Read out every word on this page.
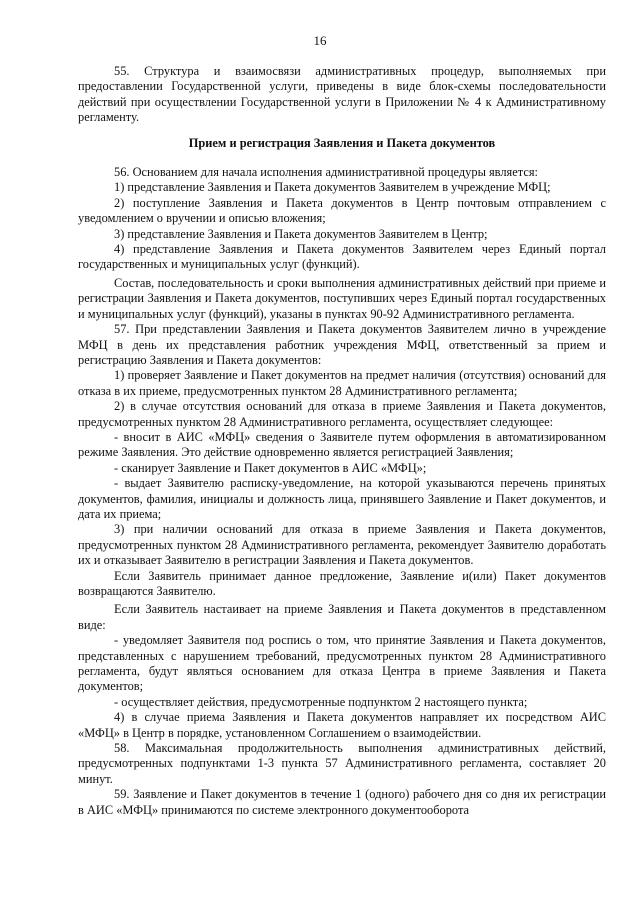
16

55. Структура и взаимосвязи административных процедур, выполняемых при предоставлении Государственной услуги, приведены в виде блок-схемы последовательности действий при осуществлении Государственной услуги в Приложении № 4 к Административному регламенту.

Прием и регистрация Заявления и Пакета документов

56. Основанием для начала исполнения административной процедуры является:

1) представление Заявления и Пакета документов Заявителем в учреждение МФЦ;

2) поступление Заявления и Пакета документов в Центр почтовым отправлением с уведомлением о вручении и описью вложения;

3) представление Заявления и Пакета документов Заявителем в Центр;

4) представление Заявления и Пакета документов Заявителем через Единый портал государственных и муниципальных услуг (функций).

Состав, последовательность и сроки выполнения административных действий при приеме и регистрации Заявления и Пакета документов, поступивших через Единый портал государственных и муниципальных услуг (функций), указаны в пунктах 90-92 Административного регламента.

57. При представлении Заявления и Пакета документов Заявителем лично в учреждение МФЦ в день их представления работник учреждения МФЦ, ответственный за прием и регистрацию Заявления и Пакета документов:

1) проверяет Заявление и Пакет документов на предмет наличия (отсутствия) оснований для отказа в их приеме, предусмотренных пунктом 28 Административного регламента;

2) в случае отсутствия оснований для отказа в приеме Заявления и Пакета документов, предусмотренных пунктом 28 Административного регламента, осуществляет следующее:

- вносит в АИС «МФЦ» сведения о Заявителе путем оформления в автоматизированном режиме Заявления. Это действие одновременно является регистрацией Заявления;

- сканирует Заявление и Пакет документов в АИС «МФЦ»;

- выдает Заявителю расписку-уведомление, на которой указываются перечень принятых документов, фамилия, инициалы и должность лица, принявшего Заявление и Пакет документов, и дата их приема;

3) при наличии оснований для отказа в приеме Заявления и Пакета документов, предусмотренных пунктом 28 Административного регламента, рекомендует Заявителю доработать их и отказывает Заявителю в регистрации Заявления и Пакета документов.

Если Заявитель принимает данное предложение, Заявление и(или) Пакет документов возвращаются Заявителю.

Если Заявитель настаивает на приеме Заявления и Пакета документов в представленном виде:

- уведомляет Заявителя под роспись о том, что принятие Заявления и Пакета документов, представленных с нарушением требований, предусмотренных пунктом 28 Административного регламента, будут являться основанием для отказа Центра в приеме Заявления и Пакета документов;

- осуществляет действия, предусмотренные подпунктом 2 настоящего пункта;

4) в случае приема Заявления и Пакета документов направляет их посредством АИС «МФЦ» в Центр в порядке, установленном Соглашением о взаимодействии.

58. Максимальная продолжительность выполнения административных действий, предусмотренных подпунктами 1-3 пункта 57 Административного регламента, составляет 20 минут.

59. Заявление и Пакет документов в течение 1 (одного) рабочего дня со дня их регистрации в АИС «МФЦ» принимаются по системе электронного документооборота
